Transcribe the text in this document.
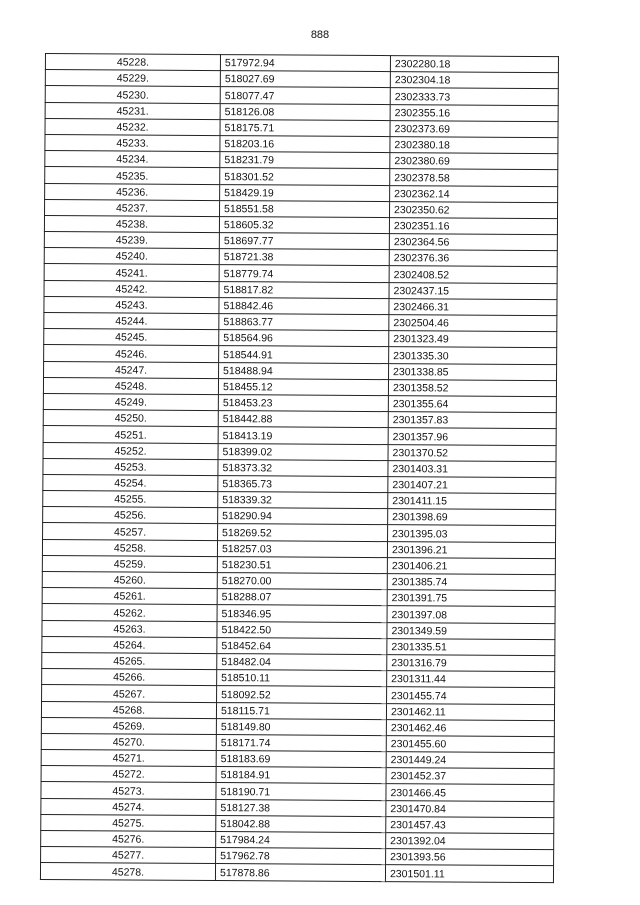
888
45228.	517972.94	2302280.18
45229.	518027.69	2302304.18
45230.	518077.47	2302333.73
45231.	518126.08	2302355.16
45232.	518175.71	2302373.69
45233.	518203.16	2302380.18
45234.	518231.79	2302380.69
45235.	518301.52	2302378.58
45236.	518429.19	2302362.14
45237.	518551.58	2302350.62
45238.	518605.32	2302351.16
45239.	518697.77	2302364.56
45240.	518721.38	2302376.36
45241.	518779.74	2302408.52
45242.	518817.82	2302437.15
45243.	518842.46	2302466.31
45244.	518863.77	2302504.46
45245.	518564.96	2301323.49
45246.	518544.91	2301335.30
45247.	518488.94	2301338.85
45248.	518455.12	2301358.52
45249.	518453.23	2301355.64
45250.	518442.88	2301357.83
45251.	518413.19	2301357.96
45252.	518399.02	2301370.52
45253.	518373.32	2301403.31
45254.	518365.73	2301407.21
45255.	518339.32	2301411.15
45256.	518290.94	2301398.69
45257.	518269.52	2301395.03
45258.	518257.03	2301396.21
45259.	518230.51	2301406.21
45260.	518270.00	2301385.74
45261.	518288.07	2301391.75
45262.	518346.95	2301397.08
45263.	518422.50	2301349.59
45264.	518452.64	2301335.51
45265.	518482.04	2301316.79
45266.	518510.11	2301311.44
45267.	518092.52	2301455.74
45268.	518115.71	2301462.11
45269.	518149.80	2301462.46
45270.	518171.74	2301455.60
45271.	518183.69	2301449.24
45272.	518184.91	2301452.37
45273.	518190.71	2301466.45
45274.	518127.38	2301470.84
45275.	518042.88	2301457.43
45276.	517984.24	2301392.04
45277.	517962.78	2301393.56
45278.	517878.86	2301501.11
